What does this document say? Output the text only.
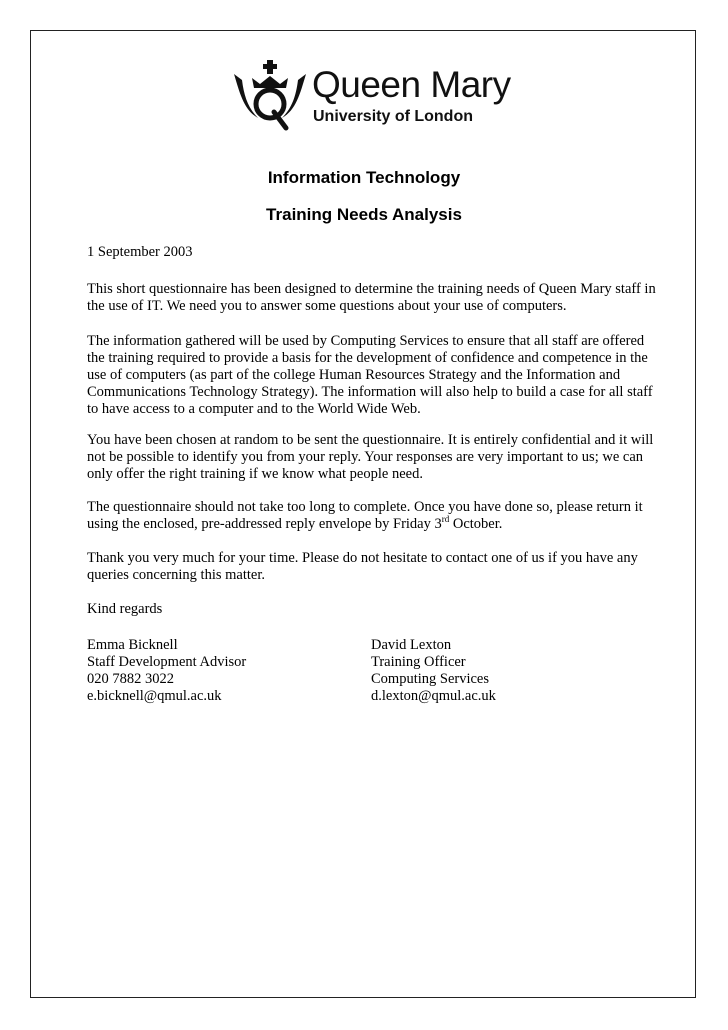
Queen Mary
University of London
Information Technology
Training Needs Analysis
1 September 2003

This short questionnaire has been designed to determine the training needs of Queen Mary staff in the use of IT. We need you to answer some questions about your use of computers.

The information gathered will be used by Computing Services to ensure that all staff are offered the training required to provide a basis for the development of confidence and competence in the use of computers (as part of the college Human Resources Strategy and the Information and Communications Technology Strategy). The information will also help to build a case for all staff to have access to a computer and to the World Wide Web.

You have been chosen at random to be sent the questionnaire. It is entirely confidential and it will not be possible to identify you from your reply. Your responses are very important to us; we can only offer the right training if we know what people need.

The questionnaire should not take too long to complete. Once you have done so, please return it using the enclosed, pre-addressed reply envelope by Friday 3rd October.

Thank you very much for your time. Please do not hesitate to contact one of us if you have any queries concerning this matter.

Kind regards
Emma Bicknell
Staff Development Advisor
020 7882 3022
e.bicknell@qmul.ac.uk
David Lexton
Training Officer
Computing Services
d.lexton@qmul.ac.uk
